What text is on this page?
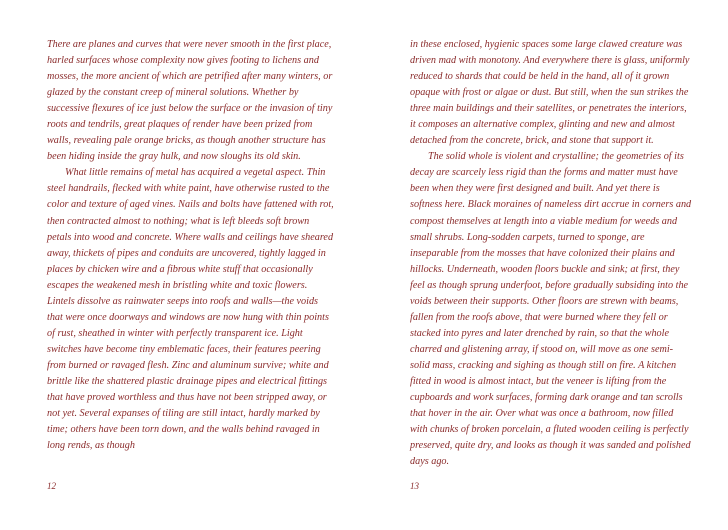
There are planes and curves that were never smooth in the first place, harled surfaces whose complexity now gives footing to lichens and mosses, the more ancient of which are petrified after many winters, or glazed by the constant creep of mineral solutions. Whether by successive flexures of ice just below the surface or the invasion of tiny roots and tendrils, great plaques of render have been prized from walls, revealing pale orange bricks, as though another structure has been hiding inside the gray hulk, and now sloughs its old skin.

What little remains of metal has acquired a vegetal aspect. Thin steel handrails, flecked with white paint, have otherwise rusted to the color and texture of aged vines. Nails and bolts have fattened with rot, then contracted almost to nothing; what is left bleeds soft brown petals into wood and concrete. Where walls and ceilings have sheared away, thickets of pipes and conduits are uncovered, tightly lagged in places by chicken wire and a fibrous white stuff that occasionally escapes the weakened mesh in bristling white and toxic flowers. Lintels dissolve as rainwater seeps into roofs and walls—the voids that were once doorways and windows are now hung with thin points of rust, sheathed in winter with perfectly transparent ice. Light switches have become tiny emblematic faces, their features peering from burned or ravaged flesh. Zinc and aluminum survive; white and brittle like the shattered plastic drainage pipes and electrical fittings that have proved worthless and thus have not been stripped away, or not yet. Several expanses of tiling are still intact, hardly marked by time; others have been torn down, and the walls behind ravaged in long rends, as though

in these enclosed, hygienic spaces some large clawed creature was driven mad with monotony. And everywhere there is glass, uniformly reduced to shards that could be held in the hand, all of it grown opaque with frost or algae or dust. But still, when the sun strikes the three main buildings and their satellites, or penetrates the interiors, it composes an alternative complex, glinting and new and almost detached from the concrete, brick, and stone that support it.

The solid whole is violent and crystalline; the geometries of its decay are scarcely less rigid than the forms and matter must have been when they were first designed and built. And yet there is softness here. Black moraines of nameless dirt accrue in corners and compost themselves at length into a viable medium for weeds and small shrubs. Long-sodden carpets, turned to sponge, are inseparable from the mosses that have colonized their plains and hillocks. Underneath, wooden floors buckle and sink; at first, they feel as though sprung underfoot, before gradually subsiding into the voids between their supports. Other floors are strewn with beams, fallen from the roofs above, that were burned where they fell or stacked into pyres and later drenched by rain, so that the whole charred and glistening array, if stood on, will move as one semi-solid mass, cracking and sighing as though still on fire. A kitchen fitted in wood is almost intact, but the veneer is lifting from the cupboards and work surfaces, forming dark orange and tan scrolls that hover in the air. Over what was once a bathroom, now filled with chunks of broken porcelain, a fluted wooden ceiling is perfectly preserved, quite dry, and looks as though it was sanded and polished days ago.

12	13
